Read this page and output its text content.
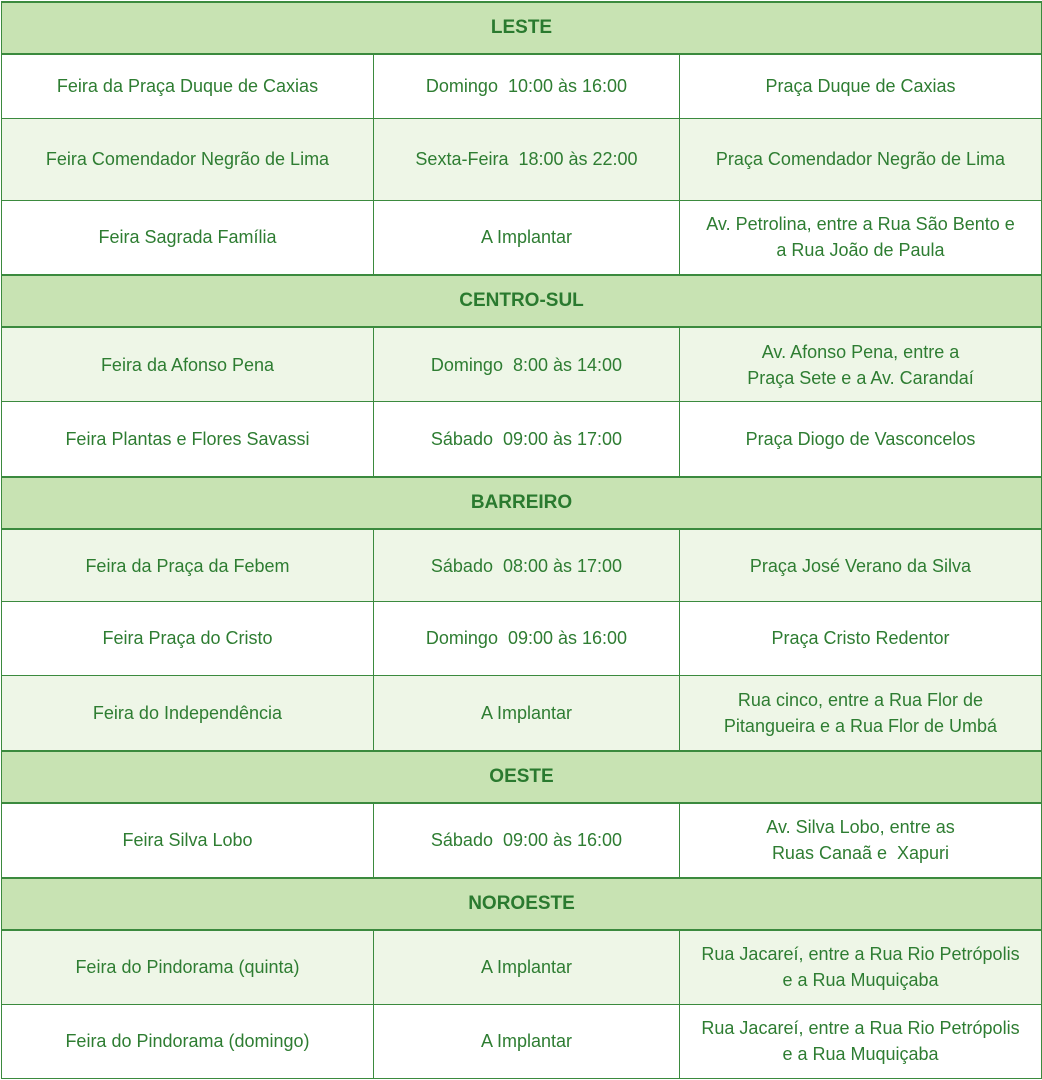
LESTE		
Feira da Praça Duque de Caxias	Domingo  10:00 às 16:00	Praça Duque de Caxias

Feira Comendador Negrão de Lima	Sexta-Feira  18:00 às 22:00	Praça Comendador Negrão de Lima

Feira Sagrada Família	A Implantar	Av. Petrolina, entre a Rua São Bento e
a Rua João de Paula

CENTRO-SUL		
Feira da Afonso Pena	Domingo  8:00 às 14:00	Av. Afonso Pena, entre a
Praça Sete e a Av. Carandaí

Feira Plantas e Flores Savassi	Sábado  09:00 às 17:00	Praça Diogo de Vasconcelos

BARREIRO		
Feira da Praça da Febem	Sábado  08:00 às 17:00	Praça José Verano da Silva

Feira Praça do Cristo	Domingo  09:00 às 16:00	Praça Cristo Redentor

Feira do Independência	A Implantar	Rua cinco, entre a Rua Flor de
Pitangueira e a Rua Flor de Umbá

OESTE		
Feira Silva Lobo	Sábado  09:00 às 16:00	Av. Silva Lobo, entre as
Ruas Canaã e  Xapuri

NOROESTE		
Feira do Pindorama (quinta)	A Implantar	Rua Jacareí, entre a Rua Rio Petrópolis
e a Rua Muquiçaba

Feira do Pindorama (domingo)	A Implantar	Rua Jacareí, entre a Rua Rio Petrópolis
e a Rua Muquiçaba
